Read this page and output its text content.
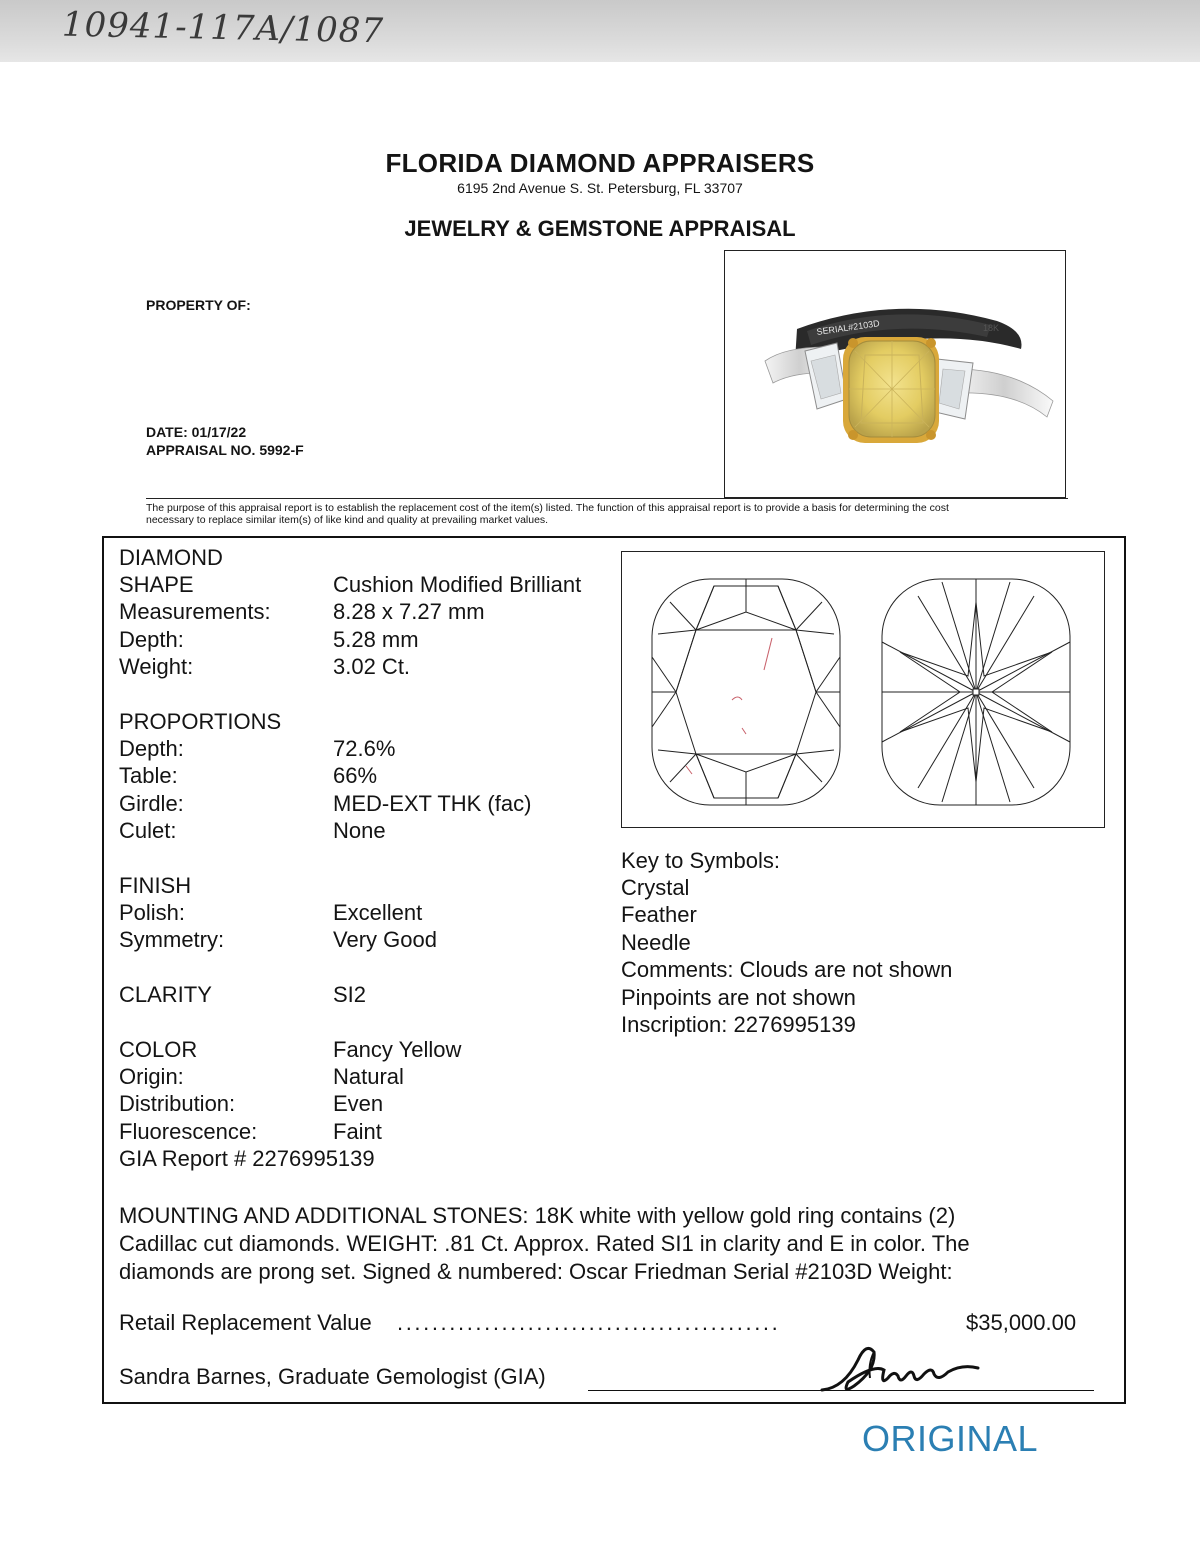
10941-117A/1087
FLORIDA DIAMOND APPRAISERS
6195 2nd Avenue S. St. Petersburg, FL 33707
JEWELRY & GEMSTONE APPRAISAL
PROPERTY OF:
DATE: 01/17/22
APPRAISAL NO. 5992-F
SERIAL#2103D	18K
The purpose of this appraisal report is to establish the replacement cost of the item(s) listed. The function of this appraisal report is to provide a basis for determining the cost
necessary to replace similar item(s) of like kind and quality at prevailing market values.
DIAMOND
SHAPE	Cushion Modified Brilliant
Measurements:	8.28 x 7.27 mm
Depth:	5.28 mm
Weight:	3.02 Ct.
PROPORTIONS
Depth:	72.6%
Table:	66%
Girdle:	MED-EXT THK (fac)
Culet:	None
FINISH
Polish:	Excellent
Symmetry:	Very Good
CLARITY	SI2
COLOR	Fancy Yellow
Origin:	Natural
Distribution:	Even
Fluorescence:	Faint
GIA Report # 2276995139
Key to Symbols:
Crystal
Feather
Needle
Comments: Clouds are not shown
Pinpoints are not shown
Inscription: 2276995139
MOUNTING AND ADDITIONAL STONES: 18K white with yellow gold ring contains (2)
Cadillac cut diamonds. WEIGHT: .81 Ct. Approx. Rated SI1 in clarity and E in color. The
diamonds are prong set. Signed & numbered: Oscar Friedman Serial #2103D Weight:
Retail Replacement Value ............................................	$35,000.00
Sandra Barnes, Graduate Gemologist (GIA)
ORIGINAL
